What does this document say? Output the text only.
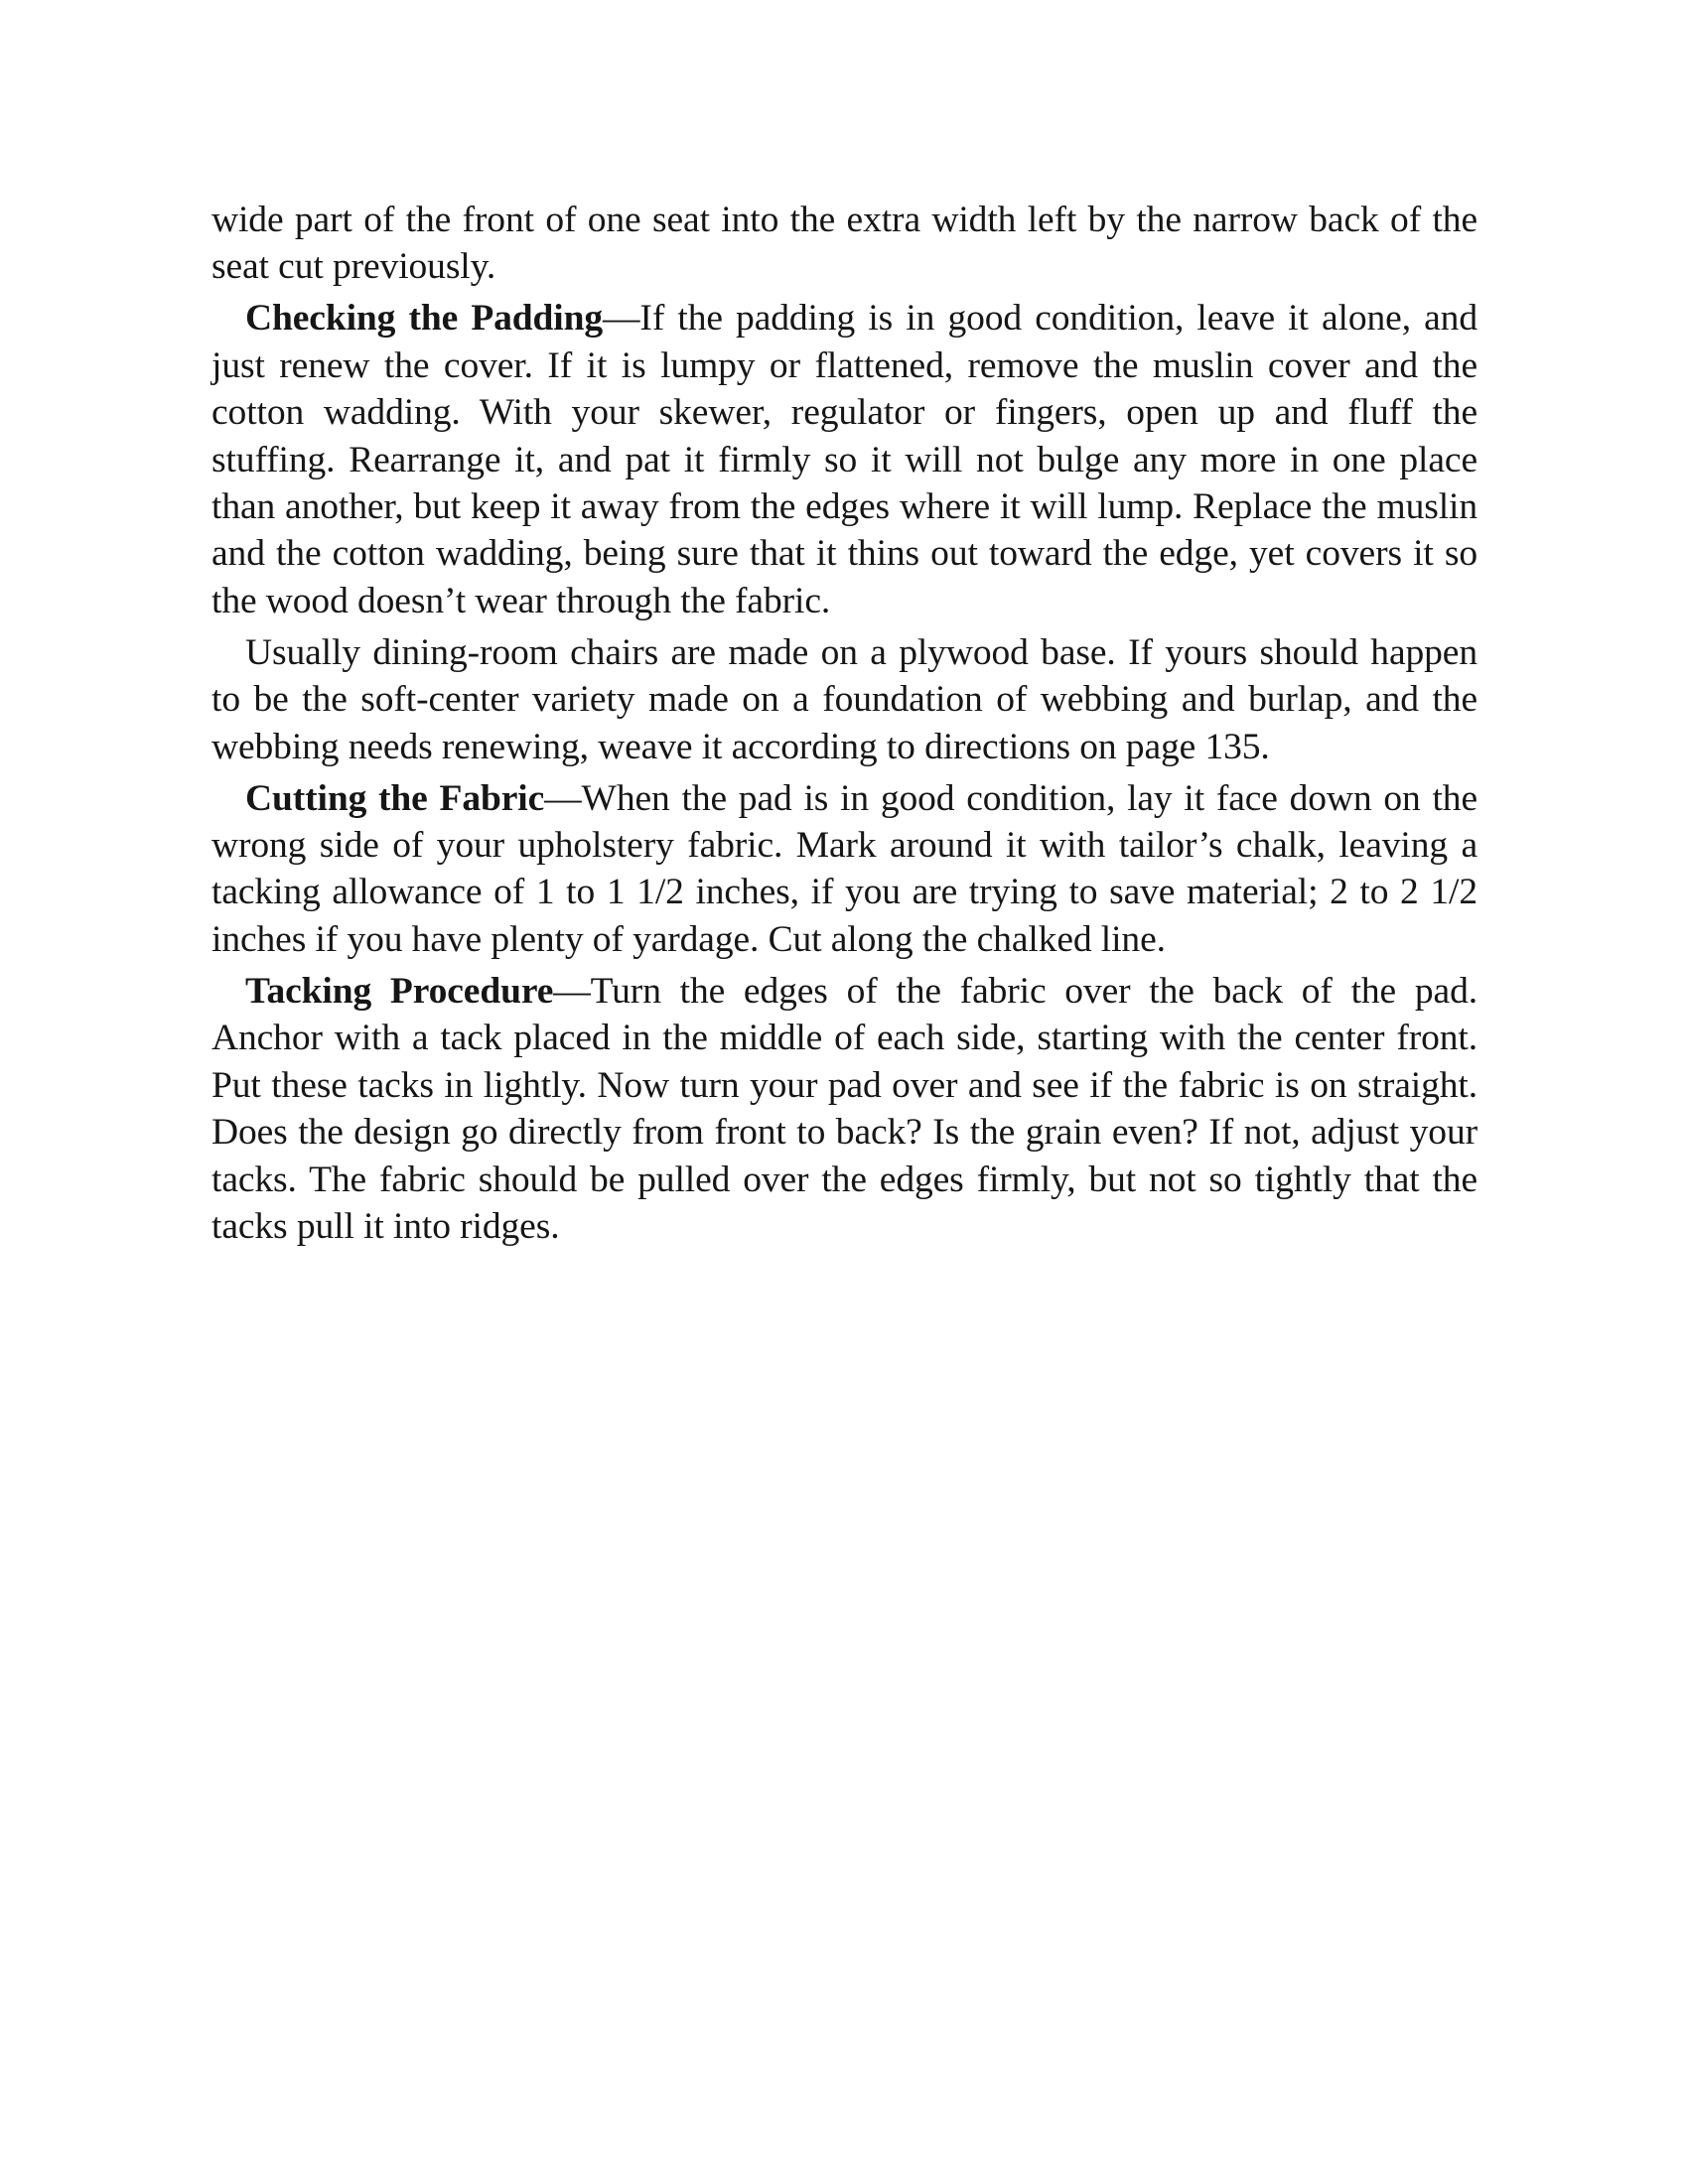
wide part of the front of one seat into the extra width left by the narrow back of the seat cut previously.

Checking the Padding—If the padding is in good condition, leave it alone, and just renew the cover. If it is lumpy or flattened, remove the muslin cover and the cotton wadding. With your skewer, regulator or fingers, open up and fluff the stuffing. Rearrange it, and pat it firmly so it will not bulge any more in one place than another, but keep it away from the edges where it will lump. Replace the muslin and the cotton wadding, being sure that it thins out toward the edge, yet covers it so the wood doesn’t wear through the fabric.

Usually dining-room chairs are made on a plywood base. If yours should happen to be the soft-center variety made on a foundation of webbing and burlap, and the webbing needs renewing, weave it according to directions on page 135.

Cutting the Fabric—When the pad is in good condition, lay it face down on the wrong side of your upholstery fabric. Mark around it with tailor’s chalk, leaving a tacking allowance of 1 to 1 1/2 inches, if you are trying to save material; 2 to 2 1/2 inches if you have plenty of yardage. Cut along the chalked line.

Tacking Procedure—Turn the edges of the fabric over the back of the pad. Anchor with a tack placed in the middle of each side, starting with the center front. Put these tacks in lightly. Now turn your pad over and see if the fabric is on straight. Does the design go directly from front to back? Is the grain even? If not, adjust your tacks. The fabric should be pulled over the edges firmly, but not so tightly that the tacks pull it into ridges.
